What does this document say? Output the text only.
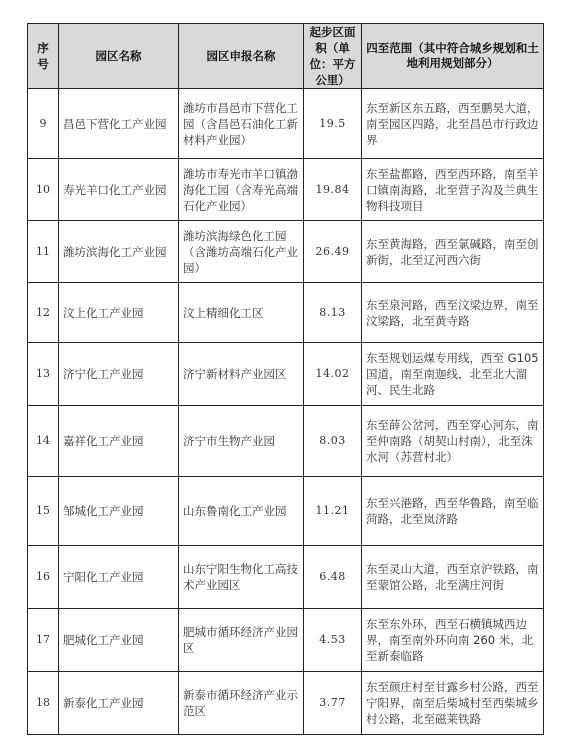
序号	园区名称	园区申报名称	起步区面积（单位：平方公里）	四至范围（其中符合城乡规划和土地利用规划部分）
9	昌邑下营化工产业园	潍坊市昌邑市下营化工园（含昌邑石油化工新材料产业园）	19.5	东至新区东五路，西至鹏昊大道，南至园区四路，北至昌邑市行政边界
10	寿光羊口化工产业园	潍坊市寿光市羊口镇渤海化工园（含寿光高端石化产业园）	19.84	东至盐都路，西至西环路，南至羊口镇南海路，北至营子沟及兰典生物科技项目
11	潍坊滨海化工产业园	潍坊滨海绿色化工园（含潍坊高端石化产业园）	26.49	东至黄海路，西至氯碱路，南至创新街，北至辽河西六街
12	汶上化工产业园	汶上精细化工区	8.13	东至泉河路，西至汶梁边界，南至汶梁路，北至黄寺路
13	济宁化工产业园	济宁新材料产业园区	14.02	东至规划运煤专用线，西至 G105国道，南至南迦线，北至北大溜河、民生北路
14	嘉祥化工产业园	济宁市生物产业园	8.03	东至薛公岔河，西至穿心河东，南至仲南路（胡契山村南），北至洙水河（苏营村北）
15	邹城化工产业园	山东鲁南化工产业园	11.21	东至兴港路，西至华鲁路，南至临菏路，北至岚济路
16	宁阳化工产业园	山东宁阳生物化工高技术产业园区	6.48	东至灵山大道，西至京沪铁路，南至蒙馆公路，北至满庄河街
17	肥城化工产业园	肥城市循环经济产业园区	4.53	东至东外环，西至石横镇城西边界，南至南外环向南 260 米，北至新泰临路
18	新泰化工产业园	新泰市循环经济产业示范区	3.77	东至颜庄村至甘露乡村公路，西至宁阳界，南至后柴城村至西柴城乡村公路，北至磁莱铁路
